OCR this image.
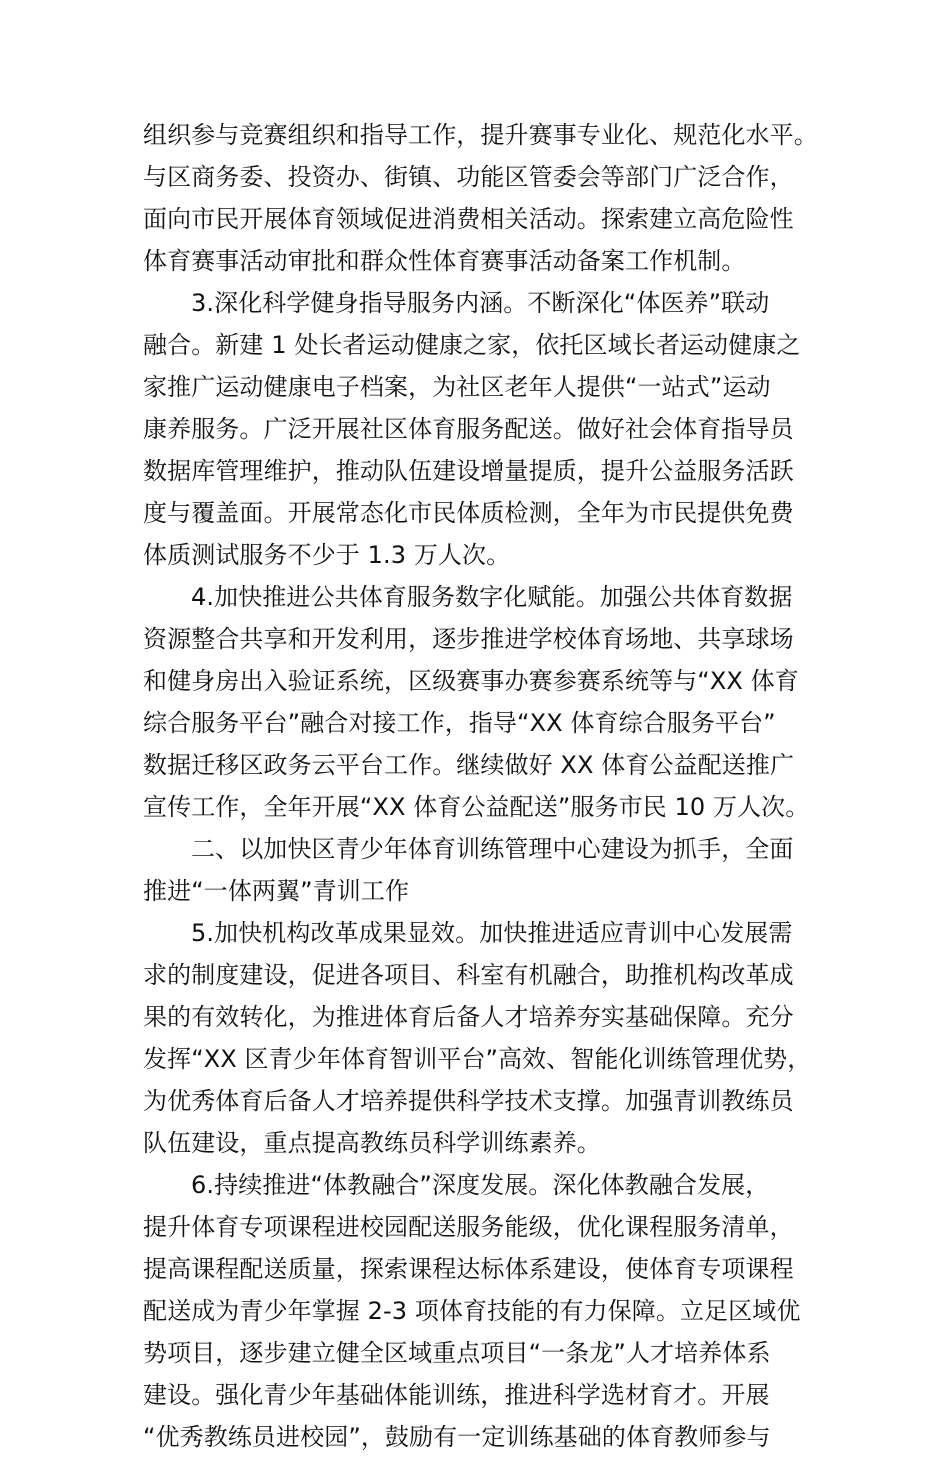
组织参与竞赛组织和指导工作，提升赛事专业化、规范化水平。
与区商务委、投资办、街镇、功能区管委会等部门广泛合作，
面向市民开展体育领域促进消费相关活动。探索建立高危险性
体育赛事活动审批和群众性体育赛事活动备案工作机制。
3.深化科学健身指导服务内涵。不断深化“体医养”联动
融合。新建 1 处长者运动健康之家，依托区域长者运动健康之
家推广运动健康电子档案，为社区老年人提供“一站式”运动
康养服务。广泛开展社区体育服务配送。做好社会体育指导员
数据库管理维护，推动队伍建设增量提质，提升公益服务活跃
度与覆盖面。开展常态化市民体质检测，全年为市民提供免费
体质测试服务不少于 1.3 万人次。
4.加快推进公共体育服务数字化赋能。加强公共体育数据
资源整合共享和开发利用，逐步推进学校体育场地、共享球场
和健身房出入验证系统，区级赛事办赛参赛系统等与“XX 体育
综合服务平台”融合对接工作，指导“XX 体育综合服务平台”
数据迁移区政务云平台工作。继续做好 XX 体育公益配送推广
宣传工作，全年开展“XX 体育公益配送”服务市民 10 万人次。
二、以加快区青少年体育训练管理中心建设为抓手，全面
推进“一体两翼”青训工作
5.加快机构改革成果显效。加快推进适应青训中心发展需
求的制度建设，促进各项目、科室有机融合，助推机构改革成
果的有效转化，为推进体育后备人才培养夯实基础保障。充分
发挥“XX 区青少年体育智训平台”高效、智能化训练管理优势，
为优秀体育后备人才培养提供科学技术支撑。加强青训教练员
队伍建设，重点提高教练员科学训练素养。
6.持续推进“体教融合”深度发展。深化体教融合发展，
提升体育专项课程进校园配送服务能级，优化课程服务清单，
提高课程配送质量，探索课程达标体系建设，使体育专项课程
配送成为青少年掌握 2-3 项体育技能的有力保障。立足区域优
势项目，逐步建立健全区域重点项目“一条龙”人才培养体系
建设。强化青少年基础体能训练，推进科学选材育才。开展
“优秀教练员进校园”，鼓励有一定训练基础的体育教师参与
